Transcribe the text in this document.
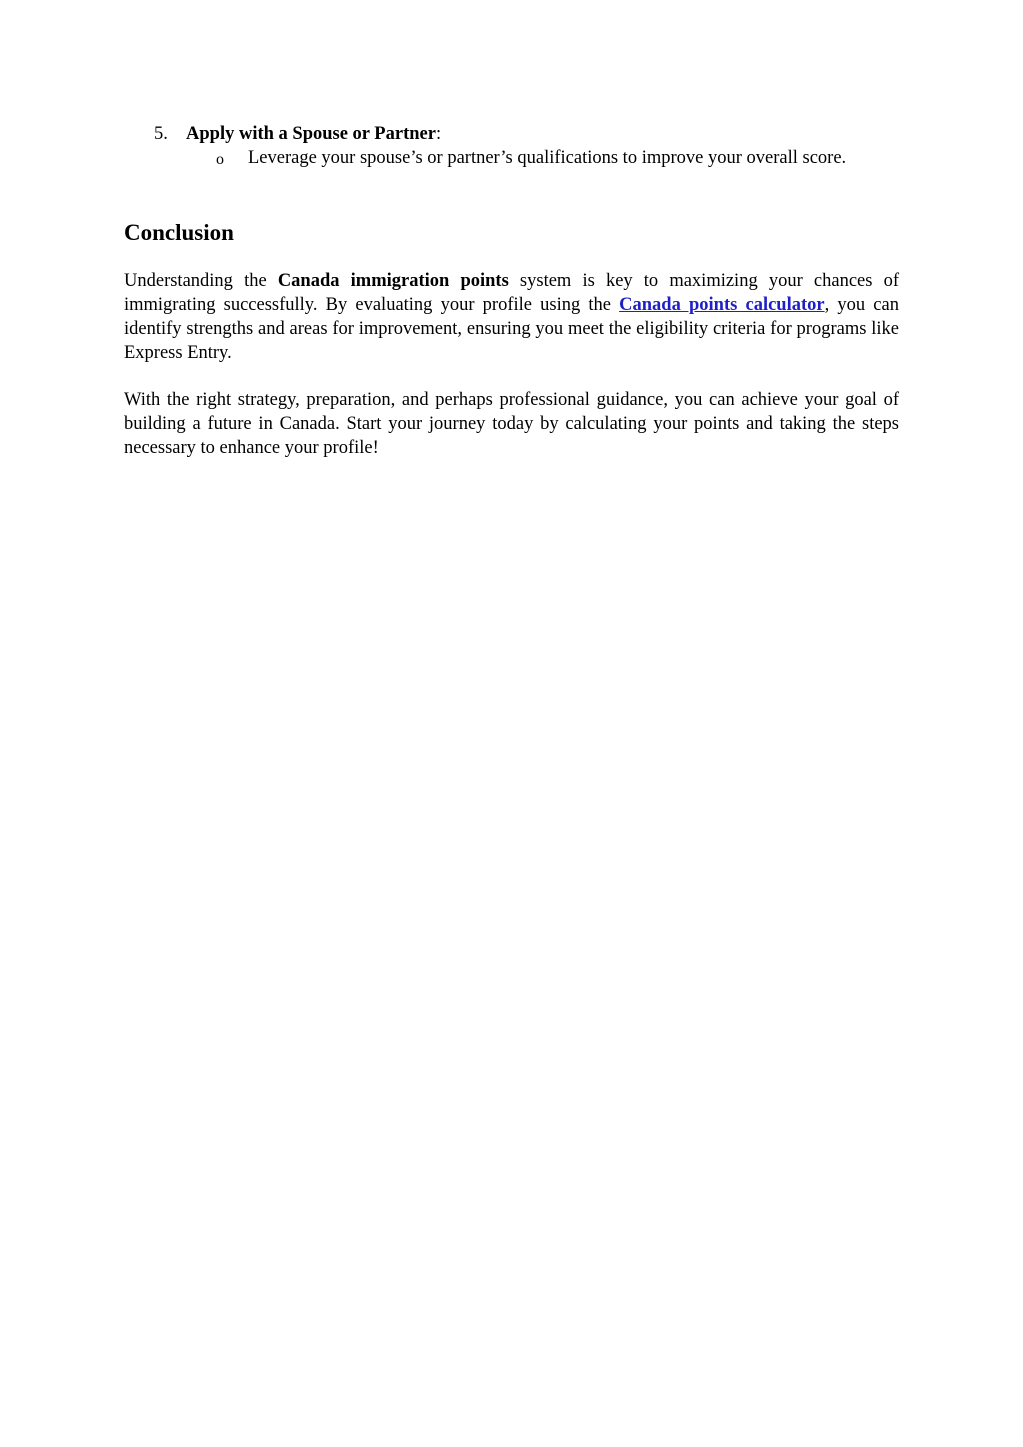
5. Apply with a Spouse or Partner:
o Leverage your spouse’s or partner’s qualifications to improve your overall score.
Conclusion

Understanding the Canada immigration points system is key to maximizing your chances of immigrating successfully. By evaluating your profile using the Canada points calculator, you can identify strengths and areas for improvement, ensuring you meet the eligibility criteria for programs like Express Entry.

With the right strategy, preparation, and perhaps professional guidance, you can achieve your goal of building a future in Canada. Start your journey today by calculating your points and taking the steps necessary to enhance your profile!
